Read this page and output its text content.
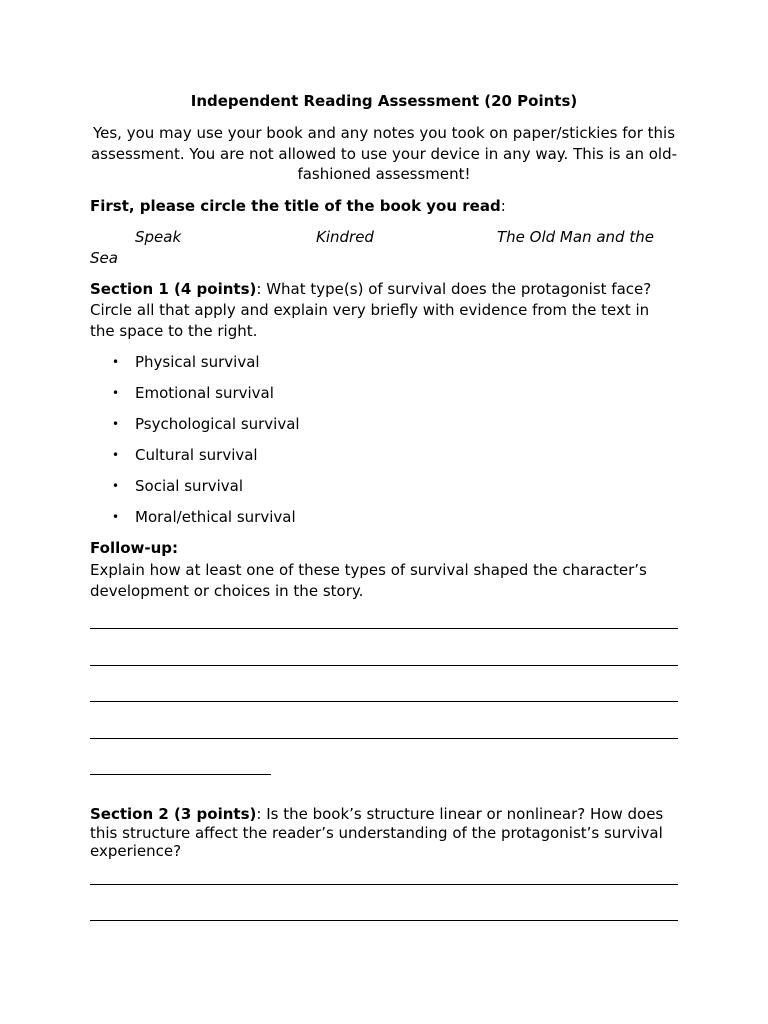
Independent Reading Assessment (20 Points)
Yes, you may use your book and any notes you took on paper/stickies for this assessment. You are not allowed to use your device in any way. This is an old-fashioned assessment!
First, please circle the title of the book you read:
Speak	Kindred	The Old Man and the
Sea
Section 1 (4 points): What type(s) of survival does the protagonist face? Circle all that apply and explain very briefly with evidence from the text in the space to the right.
• Physical survival
• Emotional survival
• Psychological survival
• Cultural survival
• Social survival
• Moral/ethical survival
Follow-up:
Explain how at least one of these types of survival shaped the character’s development or choices in the story.
Section 2 (3 points): Is the book’s structure linear or nonlinear? How does this structure affect the reader’s understanding of the protagonist’s survival experience?
